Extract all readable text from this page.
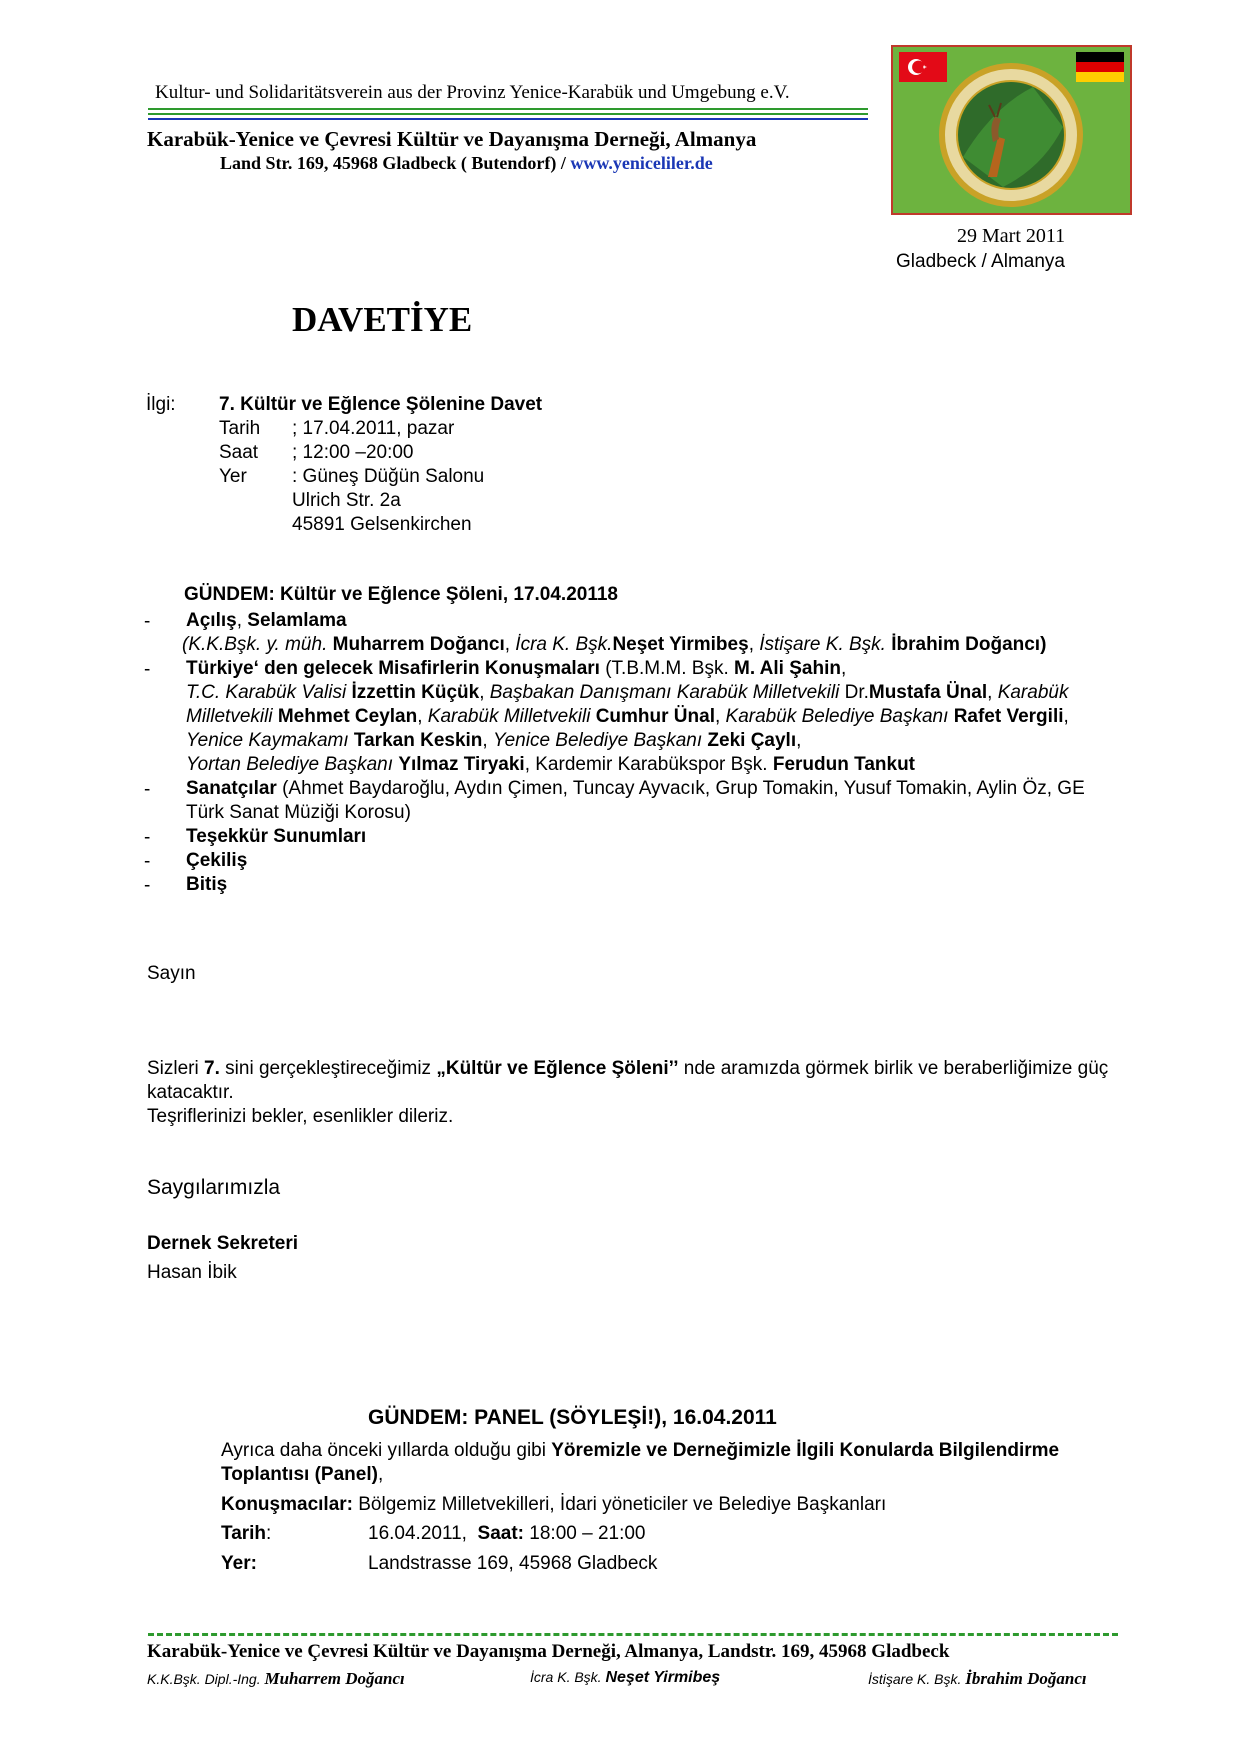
Kultur- und Solidaritätsverein aus der Provinz Yenice-Karabük und Umgebung e.V.
Karabük-Yenice ve Çevresi Kültür ve Dayanışma Derneği, Almanya
Land Str. 169, 45968 Gladbeck ( Butendorf) / www.yeniceliler.de
29 Mart 2011
Gladbeck / Almanya
DAVETİYE
İlgi: 7. Kültür ve Eğlence Şölenine Davet
Tarih ; 17.04.2011, pazar
Saat ; 12:00 –20:00
Yer : Güneş Düğün Salonu
Ulrich Str. 2a
45891 Gelsenkirchen
GÜNDEM: Kültür ve Eğlence Şöleni, 17.04.20118
-	Açılış, Selamlama
(K.K.Bşk. y. müh. Muharrem Doğancı, İcra K. Bşk.Neşet Yirmibeş, İstişare K. Bşk. İbrahim Doğancı)
-	Türkiye‘ den gelecek Misafirlerin Konuşmaları (T.B.M.M. Bşk. M. Ali Şahin,
T.C. Karabük Valisi İzzettin Küçük, Başbakan Danışmanı Karabük Milletvekili Dr.Mustafa Ünal, Karabük
Milletvekili Mehmet Ceylan, Karabük Milletvekili Cumhur Ünal, Karabük Belediye Başkanı Rafet Vergili,
Yenice Kaymakamı Tarkan Keskin, Yenice Belediye Başkanı Zeki Çaylı,
Yortan Belediye Başkanı Yılmaz Tiryaki, Kardemir Karabükspor Bşk. Ferudun Tankut
-	Sanatçılar (Ahmet Baydaroğlu, Aydın Çimen, Tuncay Ayvacık, Grup Tomakin, Yusuf Tomakin, Aylin Öz, GE
Türk Sanat Müziği Korosu)
-	Teşekkür Sunumları
-	Çekiliş
-	Bitiş
Sayın
Sizleri 7. sini gerçekleştireceğimiz „Kültür ve Eğlence Şöleni’’ nde aramızda görmek birlik ve beraberliğimize güç
katacaktır.
Teşriflerinizi bekler, esenlikler dileriz.
Saygılarımızla
Dernek Sekreteri
Hasan İbik
GÜNDEM: PANEL (SÖYLEŞİ!), 16.04.2011
Ayrıca daha önceki yıllarda olduğu gibi Yöremizle ve Derneğimizle İlgili Konularda Bilgilendirme
Toplantısı (Panel),
Konuşmacılar: Bölgemiz Milletvekilleri, İdari yöneticiler ve Belediye Başkanları
Tarih:	16.04.2011, Saat: 18:00 – 21:00
Yer:	Landstrasse 169, 45968 Gladbeck
Karabük-Yenice ve Çevresi Kültür ve Dayanışma Derneği, Almanya, Landstr. 169, 45968 Gladbeck
K.K.Bşk. Dipl.-Ing. Muharrem Doğancı	İcra K. Bşk. Neşet Yirmibeş	İstişare K. Bşk. İbrahim Doğancı
